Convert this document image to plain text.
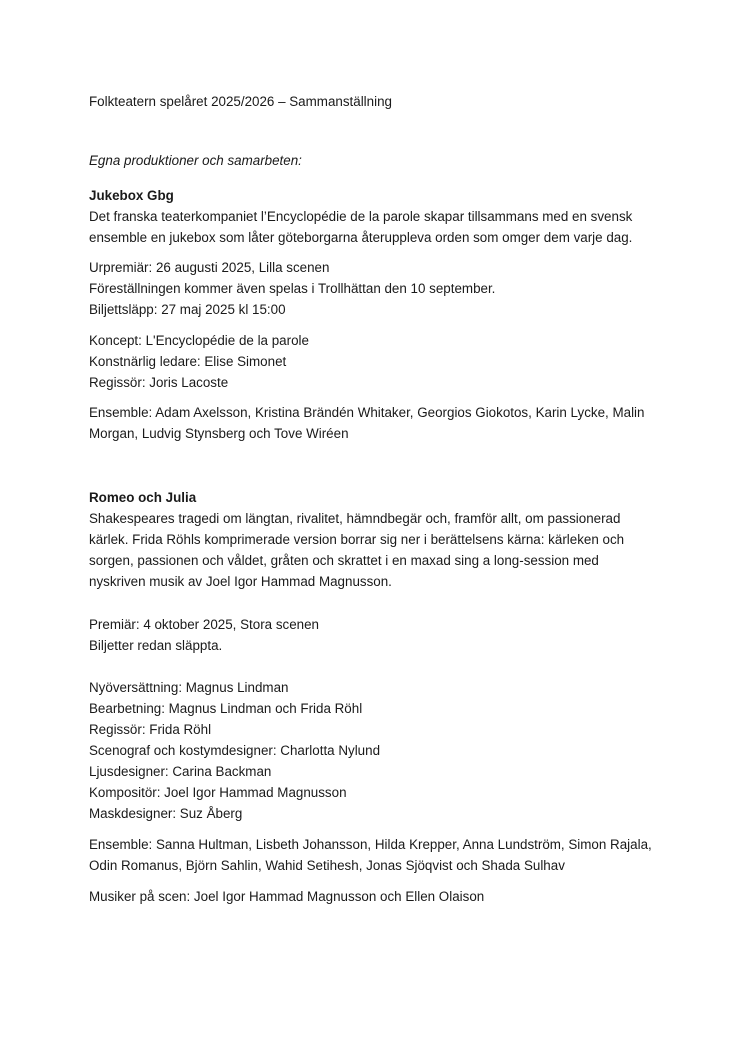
Folkteatern spelåret 2025/2026 – Sammanställning

Egna produktioner och samarbeten:

Jukebox Gbg

Det franska teaterkompaniet l’Encyclopédie de la parole skapar tillsammans med en svensk
ensemble en jukebox som låter göteborgarna återuppleva orden som omger dem varje dag.
Urpremiär: 26 augusti 2025, Lilla scenen
Föreställningen kommer även spelas i Trollhättan den 10 september.
Biljettsläpp: 27 maj 2025 kl 15:00
Koncept: L'Encyclopédie de la parole
Konstnärlig ledare: Elise Simonet
Regissör: Joris Lacoste
Ensemble: Adam Axelsson, Kristina Brändén Whitaker, Georgios Giokotos, Karin Lycke, Malin
Morgan, Ludvig Stynsberg och Tove Wiréen

Romeo och Julia

Shakespeares tragedi om längtan, rivalitet, hämndbegär och, framför allt, om passionerad
kärlek. Frida Röhls komprimerade version borrar sig ner i berättelsens kärna: kärleken och
sorgen, passionen och våldet, gråten och skrattet i en maxad sing a long-session med
nyskriven musik av Joel Igor Hammad Magnusson.
Premiär: 4 oktober 2025, Stora scenen
Biljetter redan släppta.
Nyöversättning: Magnus Lindman
Bearbetning: Magnus Lindman och Frida Röhl
Regissör: Frida Röhl
Scenograf och kostymdesigner: Charlotta Nylund
Ljusdesigner: Carina Backman
Kompositör: Joel Igor Hammad Magnusson
Maskdesigner: Suz Åberg
Ensemble: Sanna Hultman, Lisbeth Johansson, Hilda Krepper, Anna Lundström, Simon Rajala,
Odin Romanus, Björn Sahlin, Wahid Setihesh, Jonas Sjöqvist och Shada Sulhav

Musiker på scen: Joel Igor Hammad Magnusson och Ellen Olaison
